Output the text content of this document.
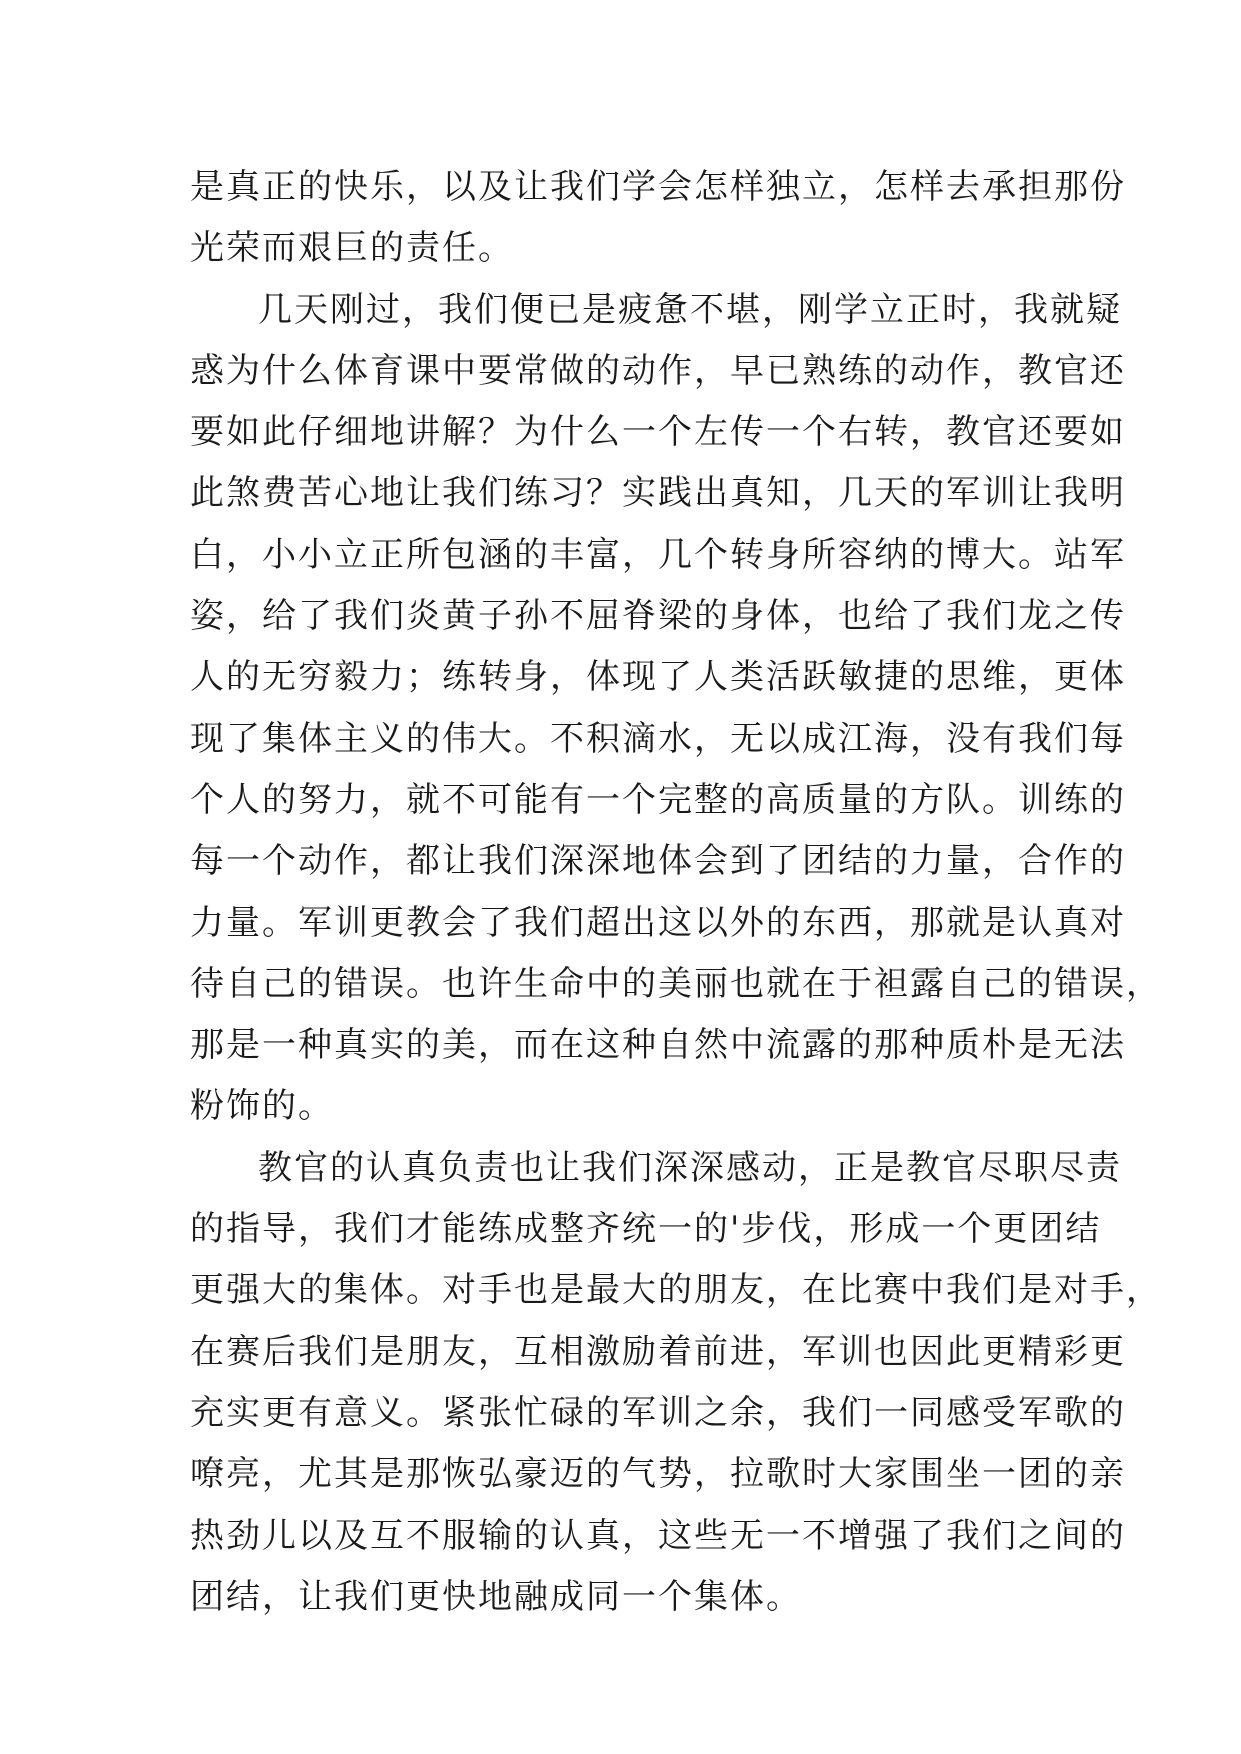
是真正的快乐，以及让我们学会怎样独立，怎样去承担那份
光荣而艰巨的责任。
几天刚过，我们便已是疲惫不堪，刚学立正时，我就疑
惑为什么体育课中要常做的动作，早已熟练的动作，教官还
要如此仔细地讲解？为什么一个左传一个右转，教官还要如
此煞费苦心地让我们练习？实践出真知，几天的军训让我明
白，小小立正所包涵的丰富，几个转身所容纳的博大。站军
姿，给了我们炎黄子孙不屈脊梁的身体，也给了我们龙之传
人的无穷毅力；练转身，体现了人类活跃敏捷的思维，更体
现了集体主义的伟大。不积滴水，无以成江海，没有我们每
个人的努力，就不可能有一个完整的高质量的方队。训练的
每一个动作，都让我们深深地体会到了团结的力量，合作的
力量。军训更教会了我们超出这以外的东西，那就是认真对
待自己的错误。也许生命中的美丽也就在于袒露自己的错误，
那是一种真实的美，而在这种自然中流露的那种质朴是无法
粉饰的。
教官的认真负责也让我们深深感动，正是教官尽职尽责
的指导，我们才能练成整齐统一的'步伐，形成一个更团结
更强大的集体。对手也是最大的朋友，在比赛中我们是对手，
在赛后我们是朋友，互相激励着前进，军训也因此更精彩更
充实更有意义。紧张忙碌的军训之余，我们一同感受军歌的
嘹亮，尤其是那恢弘豪迈的气势，拉歌时大家围坐一团的亲
热劲儿以及互不服输的认真，这些无一不增强了我们之间的
团结，让我们更快地融成同一个集体。
